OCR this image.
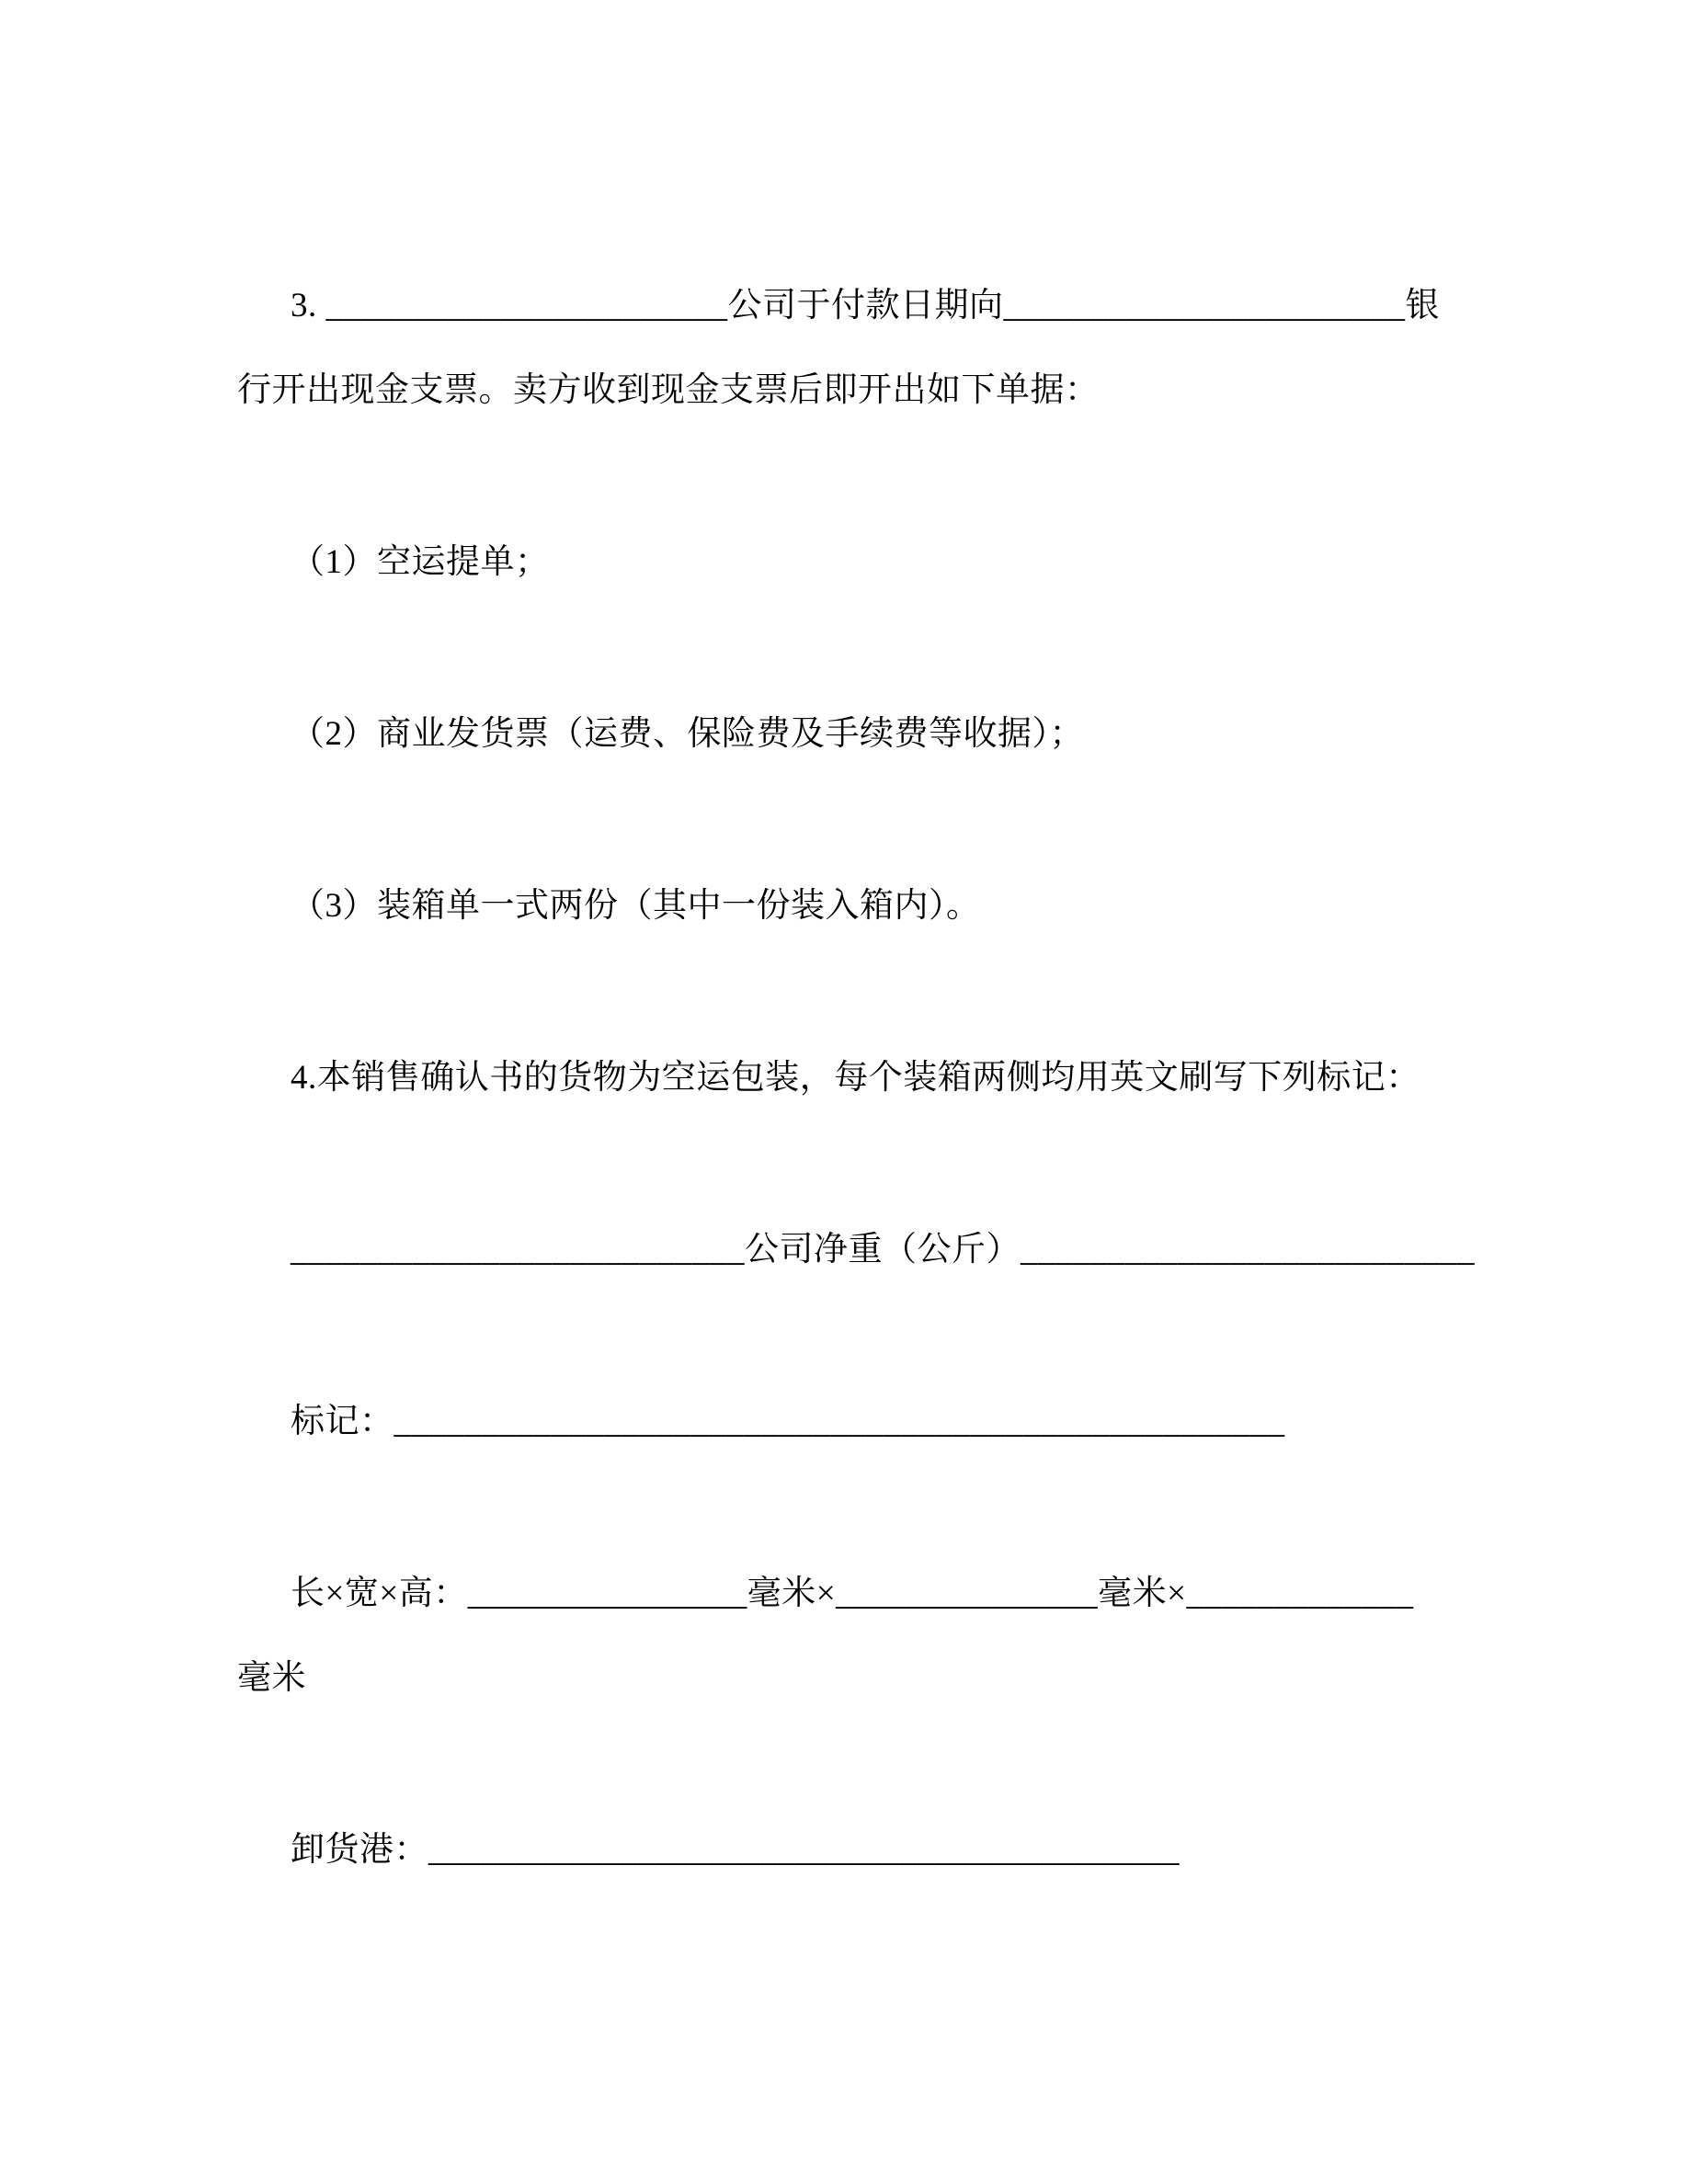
3. _______________________公司于付款日期向_______________________银
行开出现金支票。卖方收到现金支票后即开出如下单据：
（1）空运提单；
（2）商业发货票（运费、保险费及手续费等收据）；
（3）装箱单一式两份（其中一份装入箱内）。
4.本销售确认书的货物为空运包装，每个装箱两侧均用英文刷写下列标记：
__________________________公司净重（公斤）__________________________
标记：___________________________________________________
长×宽×高：________________毫米×_______________毫米×_____________
毫米
卸货港：___________________________________________
